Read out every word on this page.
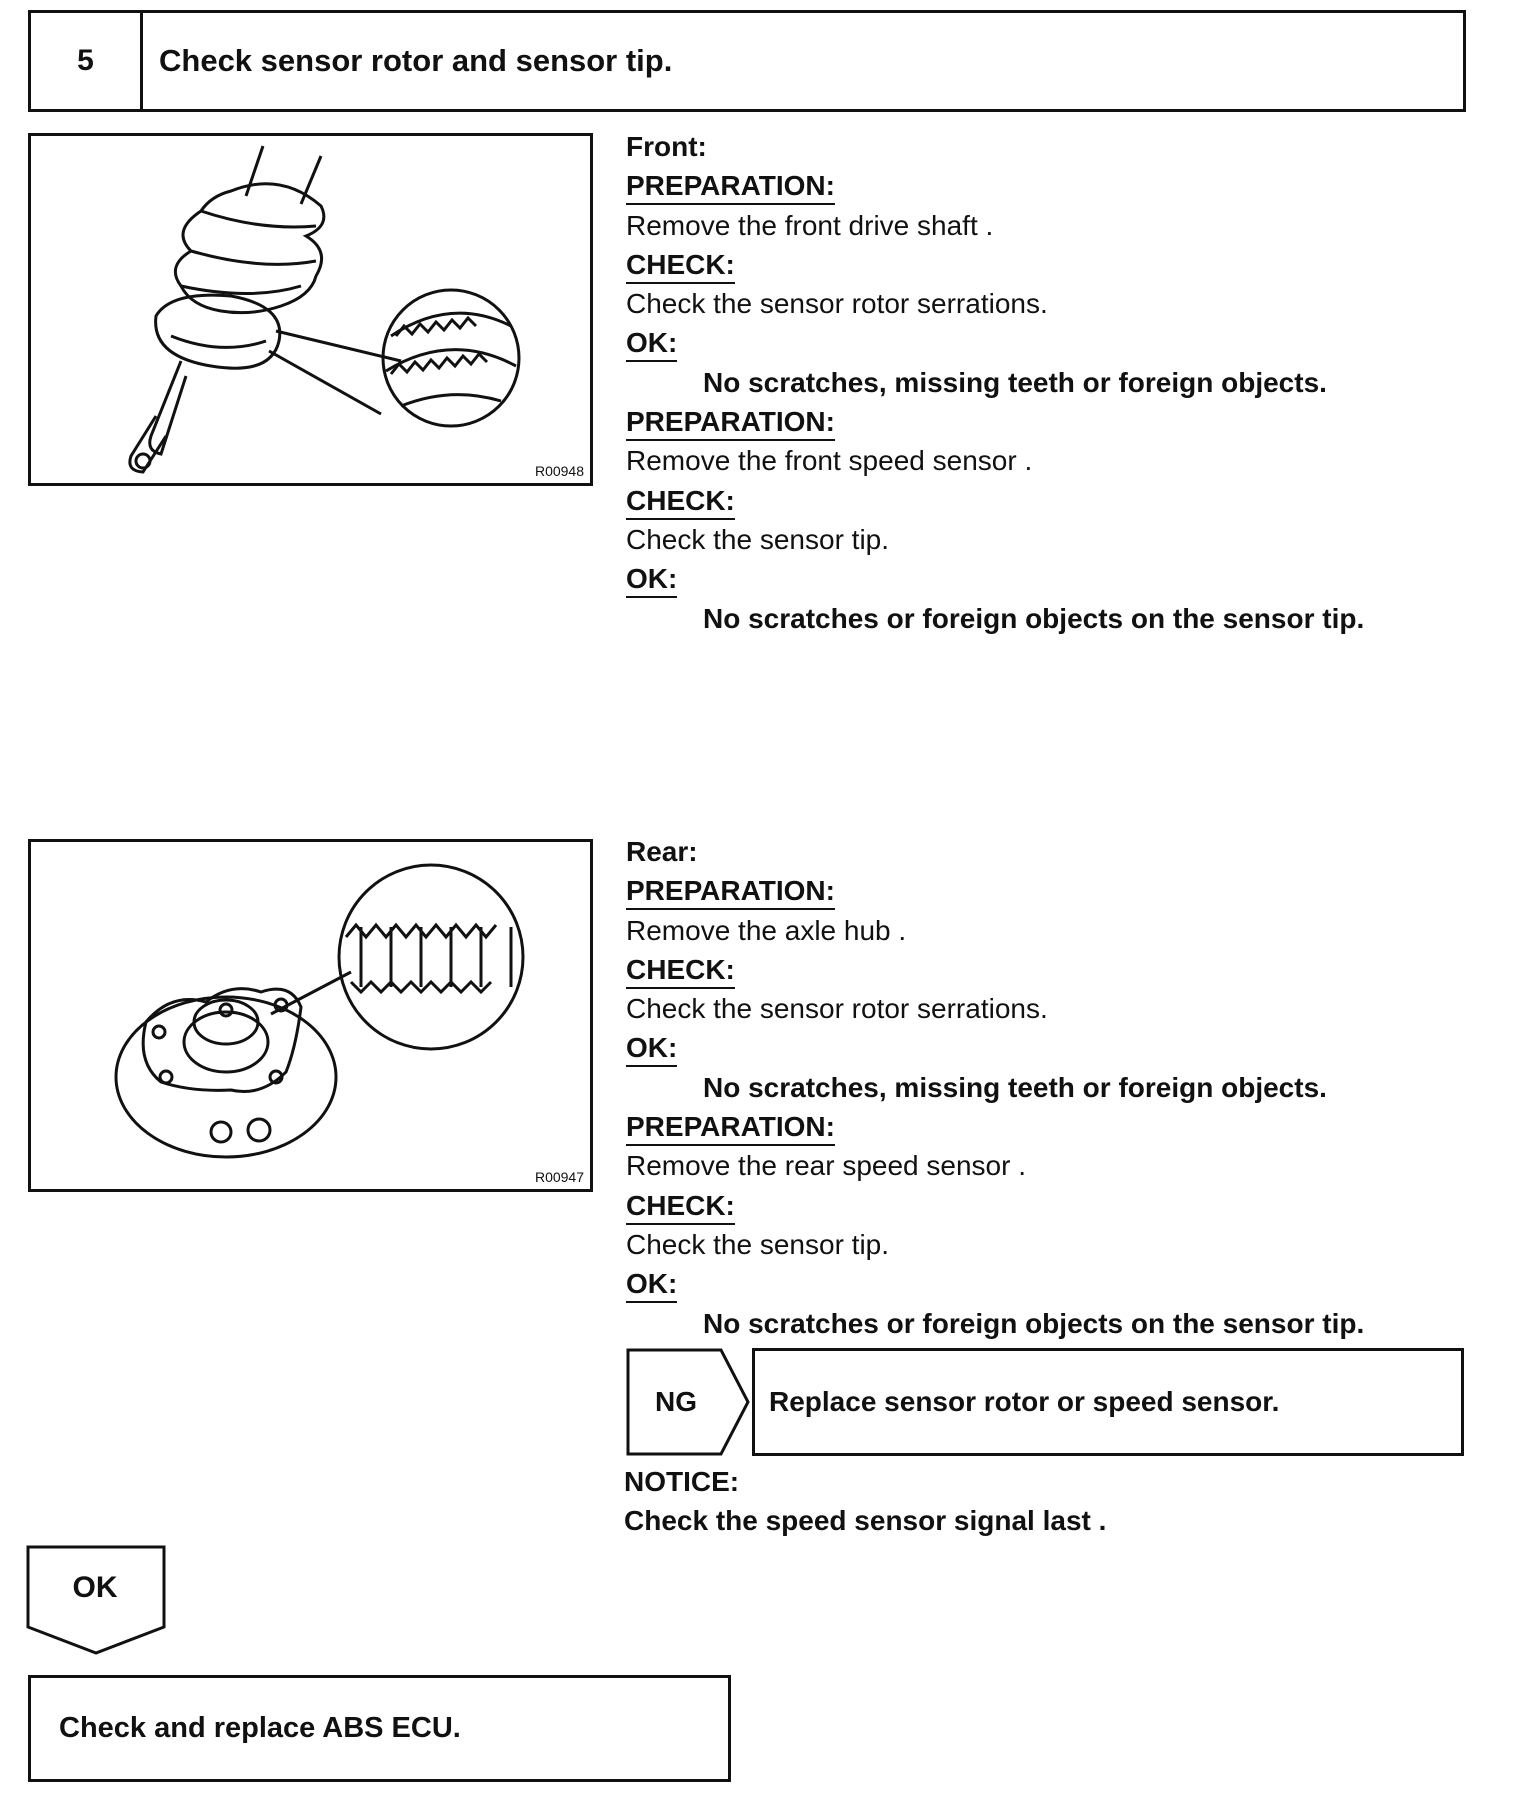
5	Check sensor rotor and sensor tip.
R00948
Front:
PREPARATION:
Remove the front drive shaft .
CHECK:
Check the sensor rotor serrations.
OK:
No scratches, missing teeth or foreign objects.
PREPARATION:
Remove the front speed sensor .
CHECK:
Check the sensor tip.
OK:
No scratches or foreign objects on the sensor tip.
R00947
Rear:
PREPARATION:
Remove the axle hub .
CHECK:
Check the sensor rotor serrations.
OK:
No scratches, missing teeth or foreign objects.
PREPARATION:
Remove the rear speed sensor .
CHECK:
Check the sensor tip.
OK:
No scratches or foreign objects on the sensor tip.
NG	Replace sensor rotor or speed sensor.
NOTICE:
Check the speed sensor signal last .
OK
Check and replace ABS ECU.
